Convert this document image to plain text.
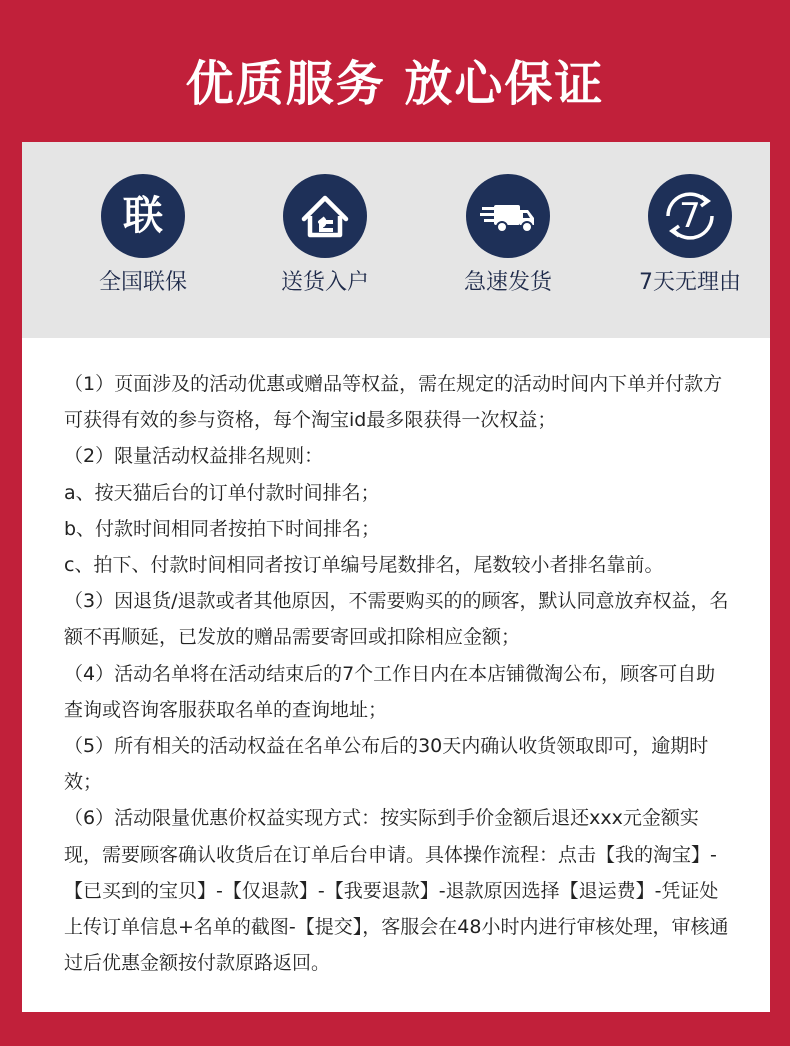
优质服务 放心保证
联
全国联保	送货入户	急速发货
7
7天无理由

（1）页面涉及的活动优惠或赠品等权益，需在规定的活动时间内下单并付款方可获得有效的参与资格，每个淘宝id最多限获得一次权益；

（2）限量活动权益排名规则：

a、按天猫后台的订单付款时间排名；

b、付款时间相同者按拍下时间排名；

c、拍下、付款时间相同者按订单编号尾数排名，尾数较小者排名靠前。

（3）因退货/退款或者其他原因，不需要购买的的顾客，默认同意放弃权益，名额不再顺延，已发放的赠品需要寄回或扣除相应金额；

（4）活动名单将在活动结束后的7个工作日内在本店铺微淘公布，顾客可自助查询或咨询客服获取名单的查询地址；

（5）所有相关的活动权益在名单公布后的30天内确认收货领取即可，逾期时效；

（6）活动限量优惠价权益实现方式：按实际到手价金额后退还xxx元金额实现，需要顾客确认收货后在订单后台申请。具体操作流程：点击【我的淘宝】-【已买到的宝贝】-【仅退款】-【我要退款】-退款原因选择【退运费】-凭证处上传订单信息+名单的截图-【提交】，客服会在48小时内进行审核处理，审核通过后优惠金额按付款原路返回。
